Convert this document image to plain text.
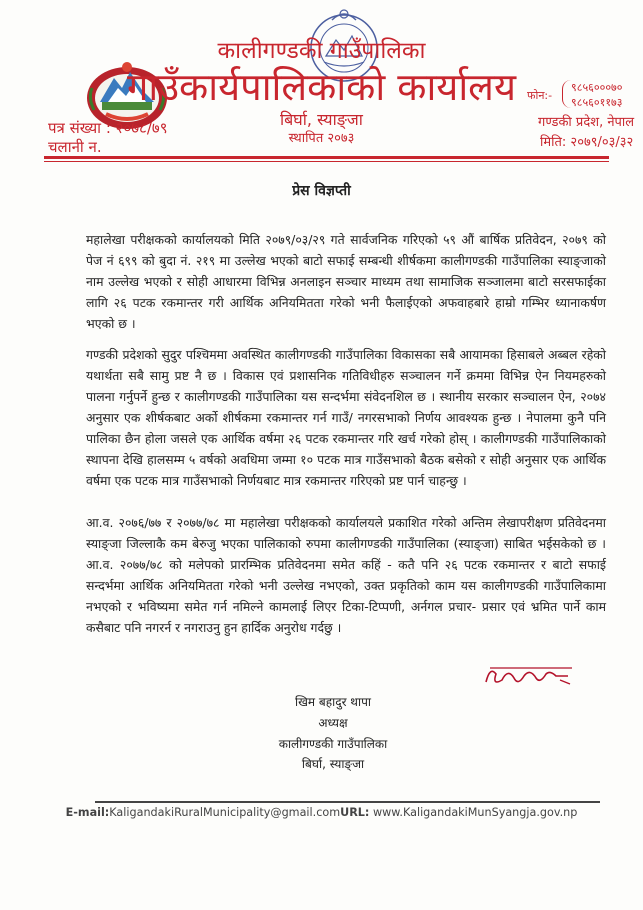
कालीगण्डकी गाउँपालिका
गाउँकार्यपालिकाको कार्यालय
बिर्घा, स्याङ्जा
स्थापित २०७३
फोन:-
९८५६०००७०
९८५६०११७३
गण्डकी प्रदेश, नेपाल
मिति: २०७९/०३/३२
पत्र संख्या : २०७८/७९
चलानी न.
प्रेस विज्ञप्ती
महालेखा परीक्षकको कार्यालयको मिति २०७९/०३/२९ गते सार्वजनिक गरिएको ५९ औं बार्षिक प्रतिवेदन, २०७९ को पेज नं ६९९ को बुदा नं. २१९ मा उल्लेख भएको बाटो सफाई सम्बन्धी शीर्षकमा कालीगण्डकी गाउँपालिका स्याङ्जाको नाम उल्लेख भएको र सोही आधारमा विभिन्न अनलाइन सञ्चार माध्यम तथा सामाजिक सञ्जालमा बाटो सरसफाईका लागि २६ पटक रकमान्तर गरी आर्थिक अनियमितता गरेको भनी फैलाईएको अफवाहबारे हाम्रो गम्भिर ध्यानाकर्षण भएको छ ।
गण्डकी प्रदेशको सुदुर पश्चिममा अवस्थित कालीगण्डकी गाउँपालिका विकासका सबै आयामका हिसाबले अब्बल रहेको यथार्थता सबै सामु प्रष्ट नै छ । विकास एवं प्रशासनिक गतिविधीहरु सञ्चालन गर्ने क्रममा विभिन्न ऐन नियमहरुको पालना गर्नुपर्ने हुन्छ र कालीगण्डकी गाउँपालिका यस सन्दर्भमा संवेदनशिल छ । स्थानीय सरकार सञ्चालन ऐन, २०७४ अनुसार एक शीर्षकबाट अर्को शीर्षकमा रकमान्तर गर्न गाउँ/ नगरसभाको निर्णय आवश्यक हुन्छ । नेपालमा कुनै पनि पालिका छैन होला जसले एक आर्थिक वर्षमा २६ पटक रकमान्तर गरि खर्च गरेको होस् । कालीगण्डकी गाउँपालिकाको स्थापना देखि हालसम्म ५ वर्षको अवधिमा जम्मा १० पटक मात्र गाउँसभाको बैठक बसेको र सोही अनुसार एक आर्थिक वर्षमा एक पटक मात्र गाउँसभाको निर्णयबाट मात्र रकमान्तर गरिएको प्रष्ट पार्न चाहन्छु ।
आ.व. २०७६/७७ र २०७७/७८ मा महालेखा परीक्षकको कार्यालयले प्रकाशित गरेको अन्तिम लेखापरीक्षण प्रतिवेदनमा स्याङ्जा जिल्लाकै कम बेरुजु भएका पालिकाको रुपमा कालीगण्डकी गाउँपालिका (स्याङ्जा) साबित भईसकेको छ । आ.व. २०७७/७८ को मलेपको प्रारम्भिक प्रतिवेदनमा समेत कहिं - कतै पनि २६ पटक रकमान्तर र बाटो सफाई सन्दर्भमा आर्थिक अनियमितता गरेको भनी उल्लेख नभएको, उक्त प्रकृतिको काम यस कालीगण्डकी गाउँपालिकामा नभएको र भविष्यमा समेत गर्न नमिल्ने कामलाई लिएर टिका-टिप्पणी, अर्नगल प्रचार- प्रसार एवं भ्रमित पार्ने काम कसैबाट पनि नगरर्न र नगराउनु हुन हार्दिक अनुरोध गर्दछु ।
खिम बहादुर थापा
अध्यक्ष
कालीगण्डकी गाउँपालिका
बिर्घा, स्याङ्जा
E-mail:KaligandakiRuralMunicipality@gmail.comURL: www.KaligandakiMunSyangja.gov.np
